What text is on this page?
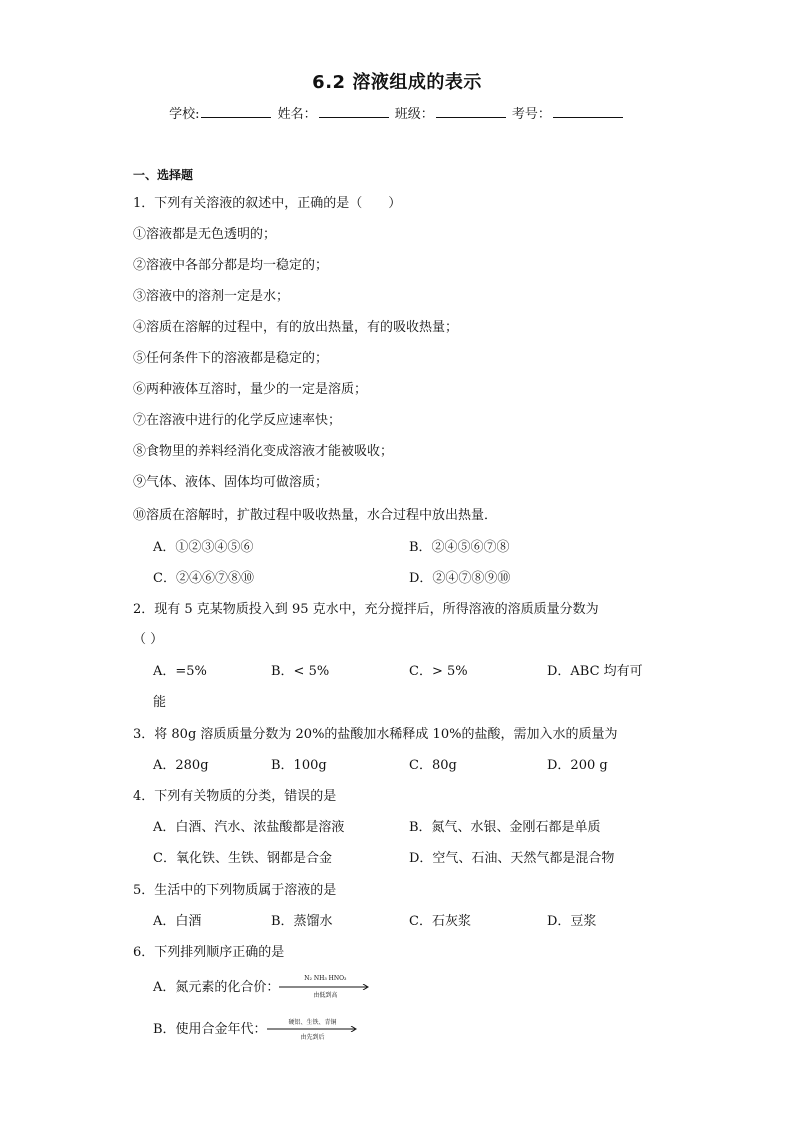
6.2 溶液组成的表示
学校:	姓名：	班级：	考号：
一、选择题
1．下列有关溶液的叙述中，正确的是（　　）
①溶液都是无色透明的；
②溶液中各部分都是均一稳定的；
③溶液中的溶剂一定是水；
④溶质在溶解的过程中，有的放出热量，有的吸收热量；
⑤任何条件下的溶液都是稳定的；
⑥两种液体互溶时，量少的一定是溶质；
⑦在溶液中进行的化学反应速率快；
⑧食物里的养料经消化变成溶液才能被吸收；
⑨气体、液体、固体均可做溶质；
⑩溶质在溶解时，扩散过程中吸收热量，水合过程中放出热量．
A．①②③④⑤⑥	B．②④⑤⑥⑦⑧
C．②④⑥⑦⑧⑩	D．②④⑦⑧⑨⑩
2．现有 5 克某物质投入到 95 克水中，充分搅拌后，所得溶液的溶质质量分数为
（ ）
A．=5%	B．< 5%	C．> 5%	D．ABC 均有可
能
3．将 80g 溶质质量分数为 20%的盐酸加水稀释成 10%的盐酸，需加入水的质量为
A．280g	B．100g	C．80g	D．200 g
4．下列有关物质的分类，错误的是
A．白酒、汽水、浓盐酸都是溶液	B．氮气、水银、金刚石都是单质
C．氧化铁、生铁、钢都是合金	D．空气、石油、天然气都是混合物
5．生活中的下列物质属于溶液的是
A．白酒	B．蒸馏水	C．石灰浆	D．豆浆
6．下列排列顺序正确的是
A．氮元素的化合价：
N₂ NH₃ HNO₃
由低到高
B．使用合金年代：	硬铝、生铁、青铜
由先到后
